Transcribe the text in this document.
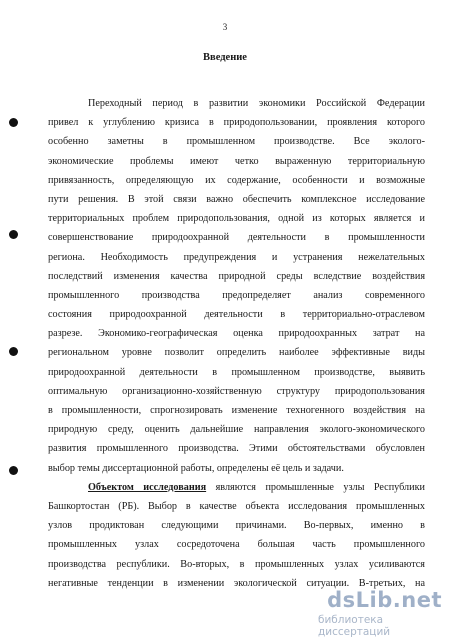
3
Введение
Переходный период в развитии экономики Российской Федерации
привел к углублению кризиса в природопользовании, проявления которого
особенно заметны в промышленном производстве. Все эколого-
экономические проблемы имеют четко выраженную территориальную
привязанность, определяющую их содержание, особенности и возможные
пути решения. В этой связи важно обеспечить комплексное исследование
территориальных проблем природопользования, одной из которых является и
совершенствование природоохранной деятельности в промышленности
региона. Необходимость предупреждения и устранения нежелательных
последствий изменения качества природной среды вследствие воздействия
промышленного производства предопределяет анализ современного
состояния природоохранной деятельности в территориально-отраслевом
разрезе. Экономико-географическая оценка природоохранных затрат на
региональном уровне позволит определить наиболее эффективные виды
природоохранной деятельности в промышленном производстве, выявить
оптимальную организационно-хозяйственную структуру природопользования
в промышленности, спрогнозировать изменение техногенного воздействия на
природную среду, оценить дальнейшие направления эколого-экономического
развития промышленного производства. Этими обстоятельствами обусловлен
выбор темы диссертационной работы, определены её цель и задачи.
Объектом исследования являются промышленные узлы Республики
Башкортостан (РБ). Выбор в качестве объекта исследования промышленных
узлов продиктован следующими причинами. Во-первых, именно в
промышленных узлах сосредоточена большая часть промышленного
производства республики. Во-вторых, в промышленных узлах усиливаются
негативные тенденции в изменении экологической ситуации. В-третьих, на
dsLib.net
библиотека диссертаций
